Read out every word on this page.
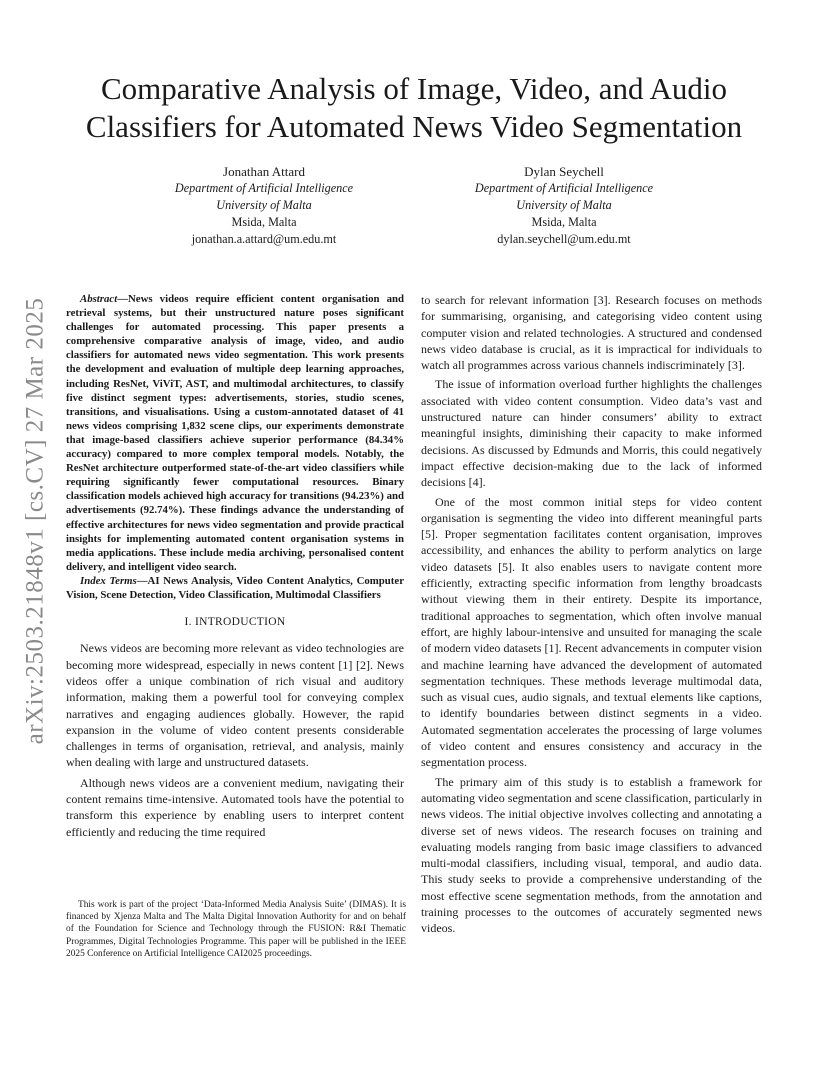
arXiv:2503.21848v1 [cs.CV] 27 Mar 2025
Comparative Analysis of Image, Video, and Audio Classifiers for Automated News Video Segmentation
Jonathan Attard
Department of Artificial Intelligence
University of Malta
Msida, Malta
jonathan.a.attard@um.edu.mt
Dylan Seychell
Department of Artificial Intelligence
University of Malta
Msida, Malta
dylan.seychell@um.edu.mt

Abstract—News videos require efficient content organisation and retrieval systems, but their unstructured nature poses significant challenges for automated processing. This paper presents a comprehensive comparative analysis of image, video, and audio classifiers for automated news video segmentation. This work presents the development and evaluation of multiple deep learning approaches, including ResNet, ViViT, AST, and multimodal architectures, to classify five distinct segment types: advertisements, stories, studio scenes, transitions, and visualisations. Using a custom-annotated dataset of 41 news videos comprising 1,832 scene clips, our experiments demonstrate that image-based classifiers achieve superior performance (84.34% accuracy) compared to more complex temporal models. Notably, the ResNet architecture outperformed state-of-the-art video classifiers while requiring significantly fewer computational resources. Binary classification models achieved high accuracy for transitions (94.23%) and advertisements (92.74%). These findings advance the understanding of effective architectures for news video segmentation and provide practical insights for implementing automated content organisation systems in media applications. These include media archiving, personalised content delivery, and intelligent video search.

Index Terms—AI News Analysis, Video Content Analytics, Computer Vision, Scene Detection, Video Classification, Multimodal Classifiers

I. INTRODUCTION

News videos are becoming more relevant as video technologies are becoming more widespread, especially in news content [1] [2]. News videos offer a unique combination of rich visual and auditory information, making them a powerful tool for conveying complex narratives and engaging audiences globally. However, the rapid expansion in the volume of video content presents considerable challenges in terms of organisation, retrieval, and analysis, mainly when dealing with large and unstructured datasets.

Although news videos are a convenient medium, navigating their content remains time-intensive. Automated tools have the potential to transform this experience by enabling users to interpret content efficiently and reducing the time required

This work is part of the project ‘Data-Informed Media Analysis Suite’ (DIMAS). It is financed by Xjenza Malta and The Malta Digital Innovation Authority for and on behalf of the Foundation for Science and Technology through the FUSION: R&I Thematic Programmes, Digital Technologies Programme. This paper will be published in the IEEE 2025 Conference on Artificial Intelligence CAI2025 proceedings.

to search for relevant information [3]. Research focuses on methods for summarising, organising, and categorising video content using computer vision and related technologies. A structured and condensed news video database is crucial, as it is impractical for individuals to watch all programmes across various channels indiscriminately [3].

The issue of information overload further highlights the challenges associated with video content consumption. Video data’s vast and unstructured nature can hinder consumers’ ability to extract meaningful insights, diminishing their capacity to make informed decisions. As discussed by Edmunds and Morris, this could negatively impact effective decision-making due to the lack of informed decisions [4].

One of the most common initial steps for video content organisation is segmenting the video into different meaningful parts [5]. Proper segmentation facilitates content organisation, improves accessibility, and enhances the ability to perform analytics on large video datasets [5]. It also enables users to navigate content more efficiently, extracting specific information from lengthy broadcasts without viewing them in their entirety. Despite its importance, traditional approaches to segmentation, which often involve manual effort, are highly labour-intensive and unsuited for managing the scale of modern video datasets [1]. Recent advancements in computer vision and machine learning have advanced the development of automated segmentation techniques. These methods leverage multimodal data, such as visual cues, audio signals, and textual elements like captions, to identify boundaries between distinct segments in a video. Automated segmentation accelerates the processing of large volumes of video content and ensures consistency and accuracy in the segmentation process.

The primary aim of this study is to establish a framework for automating video segmentation and scene classification, particularly in news videos. The initial objective involves collecting and annotating a diverse set of news videos. The research focuses on training and evaluating models ranging from basic image classifiers to advanced multi-modal classifiers, including visual, temporal, and audio data. This study seeks to provide a comprehensive understanding of the most effective scene segmentation methods, from the annotation and training processes to the outcomes of accurately segmented news videos.
